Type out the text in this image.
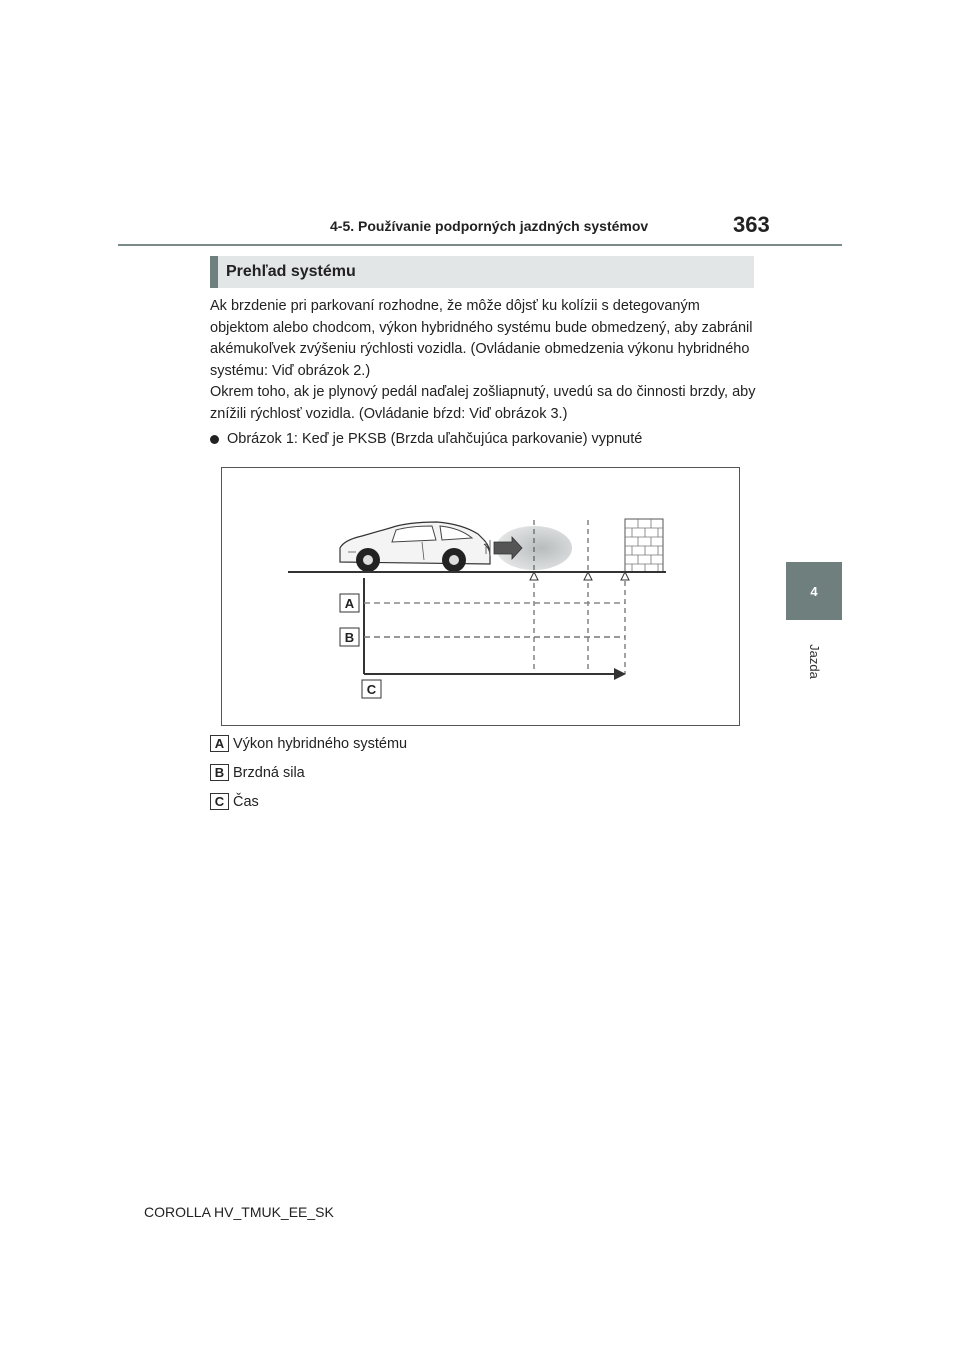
4-5. Používanie podporných jazdných systémov	363
4
Jazda
Prehľad systému

Ak brzdenie pri parkovaní rozhodne, že môže dôjsť ku kolízii s detegovaným objektom alebo chodcom, výkon hybridného systému bude obmedzený, aby zabránil akémukoľvek zvýšeniu rýchlosti vozidla. (Ovládanie obmedzenia výkonu hybridného systému: Viď obrázok 2.)

Okrem toho, ak je plynový pedál naďalej zošliapnutý, uvedú sa do činnosti brzdy, aby znížili rýchlosť vozidla. (Ovládanie bŕzd: Viď obrázok 3.)

Obrázok 1: Keď je PKSB (Brzda uľahčujúca parkovanie) vypnuté
A
B
C
A Výkon hybridného systému
B Brzdná sila
C Čas
COROLLA HV_TMUK_EE_SK
